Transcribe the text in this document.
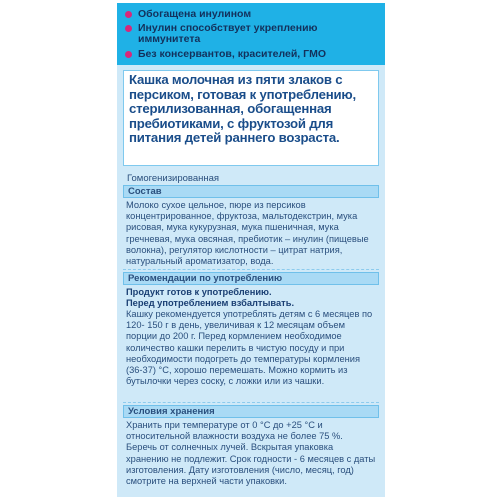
Обогащена инулином
Инулин способствует укреплению иммунитета
Без консервантов, красителей, ГМО
Кашка молочная из пяти злаков с персиком, готовая к употреблению, стерилизованная, обогащенная пребиотиками, с фруктозой для питания детей раннего возраста.
Гомогенизированная
Состав
Молоко сухое цельное, пюре из персиков концентрированное, фруктоза, мальтодекстрин, мука рисовая, мука кукурузная, мука пшеничная, мука гречневая, мука овсяная, пребиотик – инулин (пищевые волокна), регулятор кислотности – цитрат натрия, натуральный ароматизатор, вода.
Рекомендации по употреблению
Продукт готов к употреблению.
Перед употреблением взбалтывать.
Кашку рекомендуется употреблять детям с 6 месяцев по 120- 150 г в день, увеличивая к 12 месяцам объем порции до 200 г. Перед кормлением необходимое количество кашки перелить в чистую посуду и при необходимости подогреть до температуры кормления (36-37) °С, хорошо перемешать. Можно кормить из бутылочки через соску, с ложки или из чашки.
Условия хранения
Хранить при температуре от 0 °С до +25 °С и относительной влажности воздуха не более 75 %. Беречь от солнечных лучей. Вскрытая упаковка хранению не подлежит. Срок годности - 6 месяцев с даты изготовления. Дату изготовления (число, месяц, год) смотрите на верхней части упаковки.
